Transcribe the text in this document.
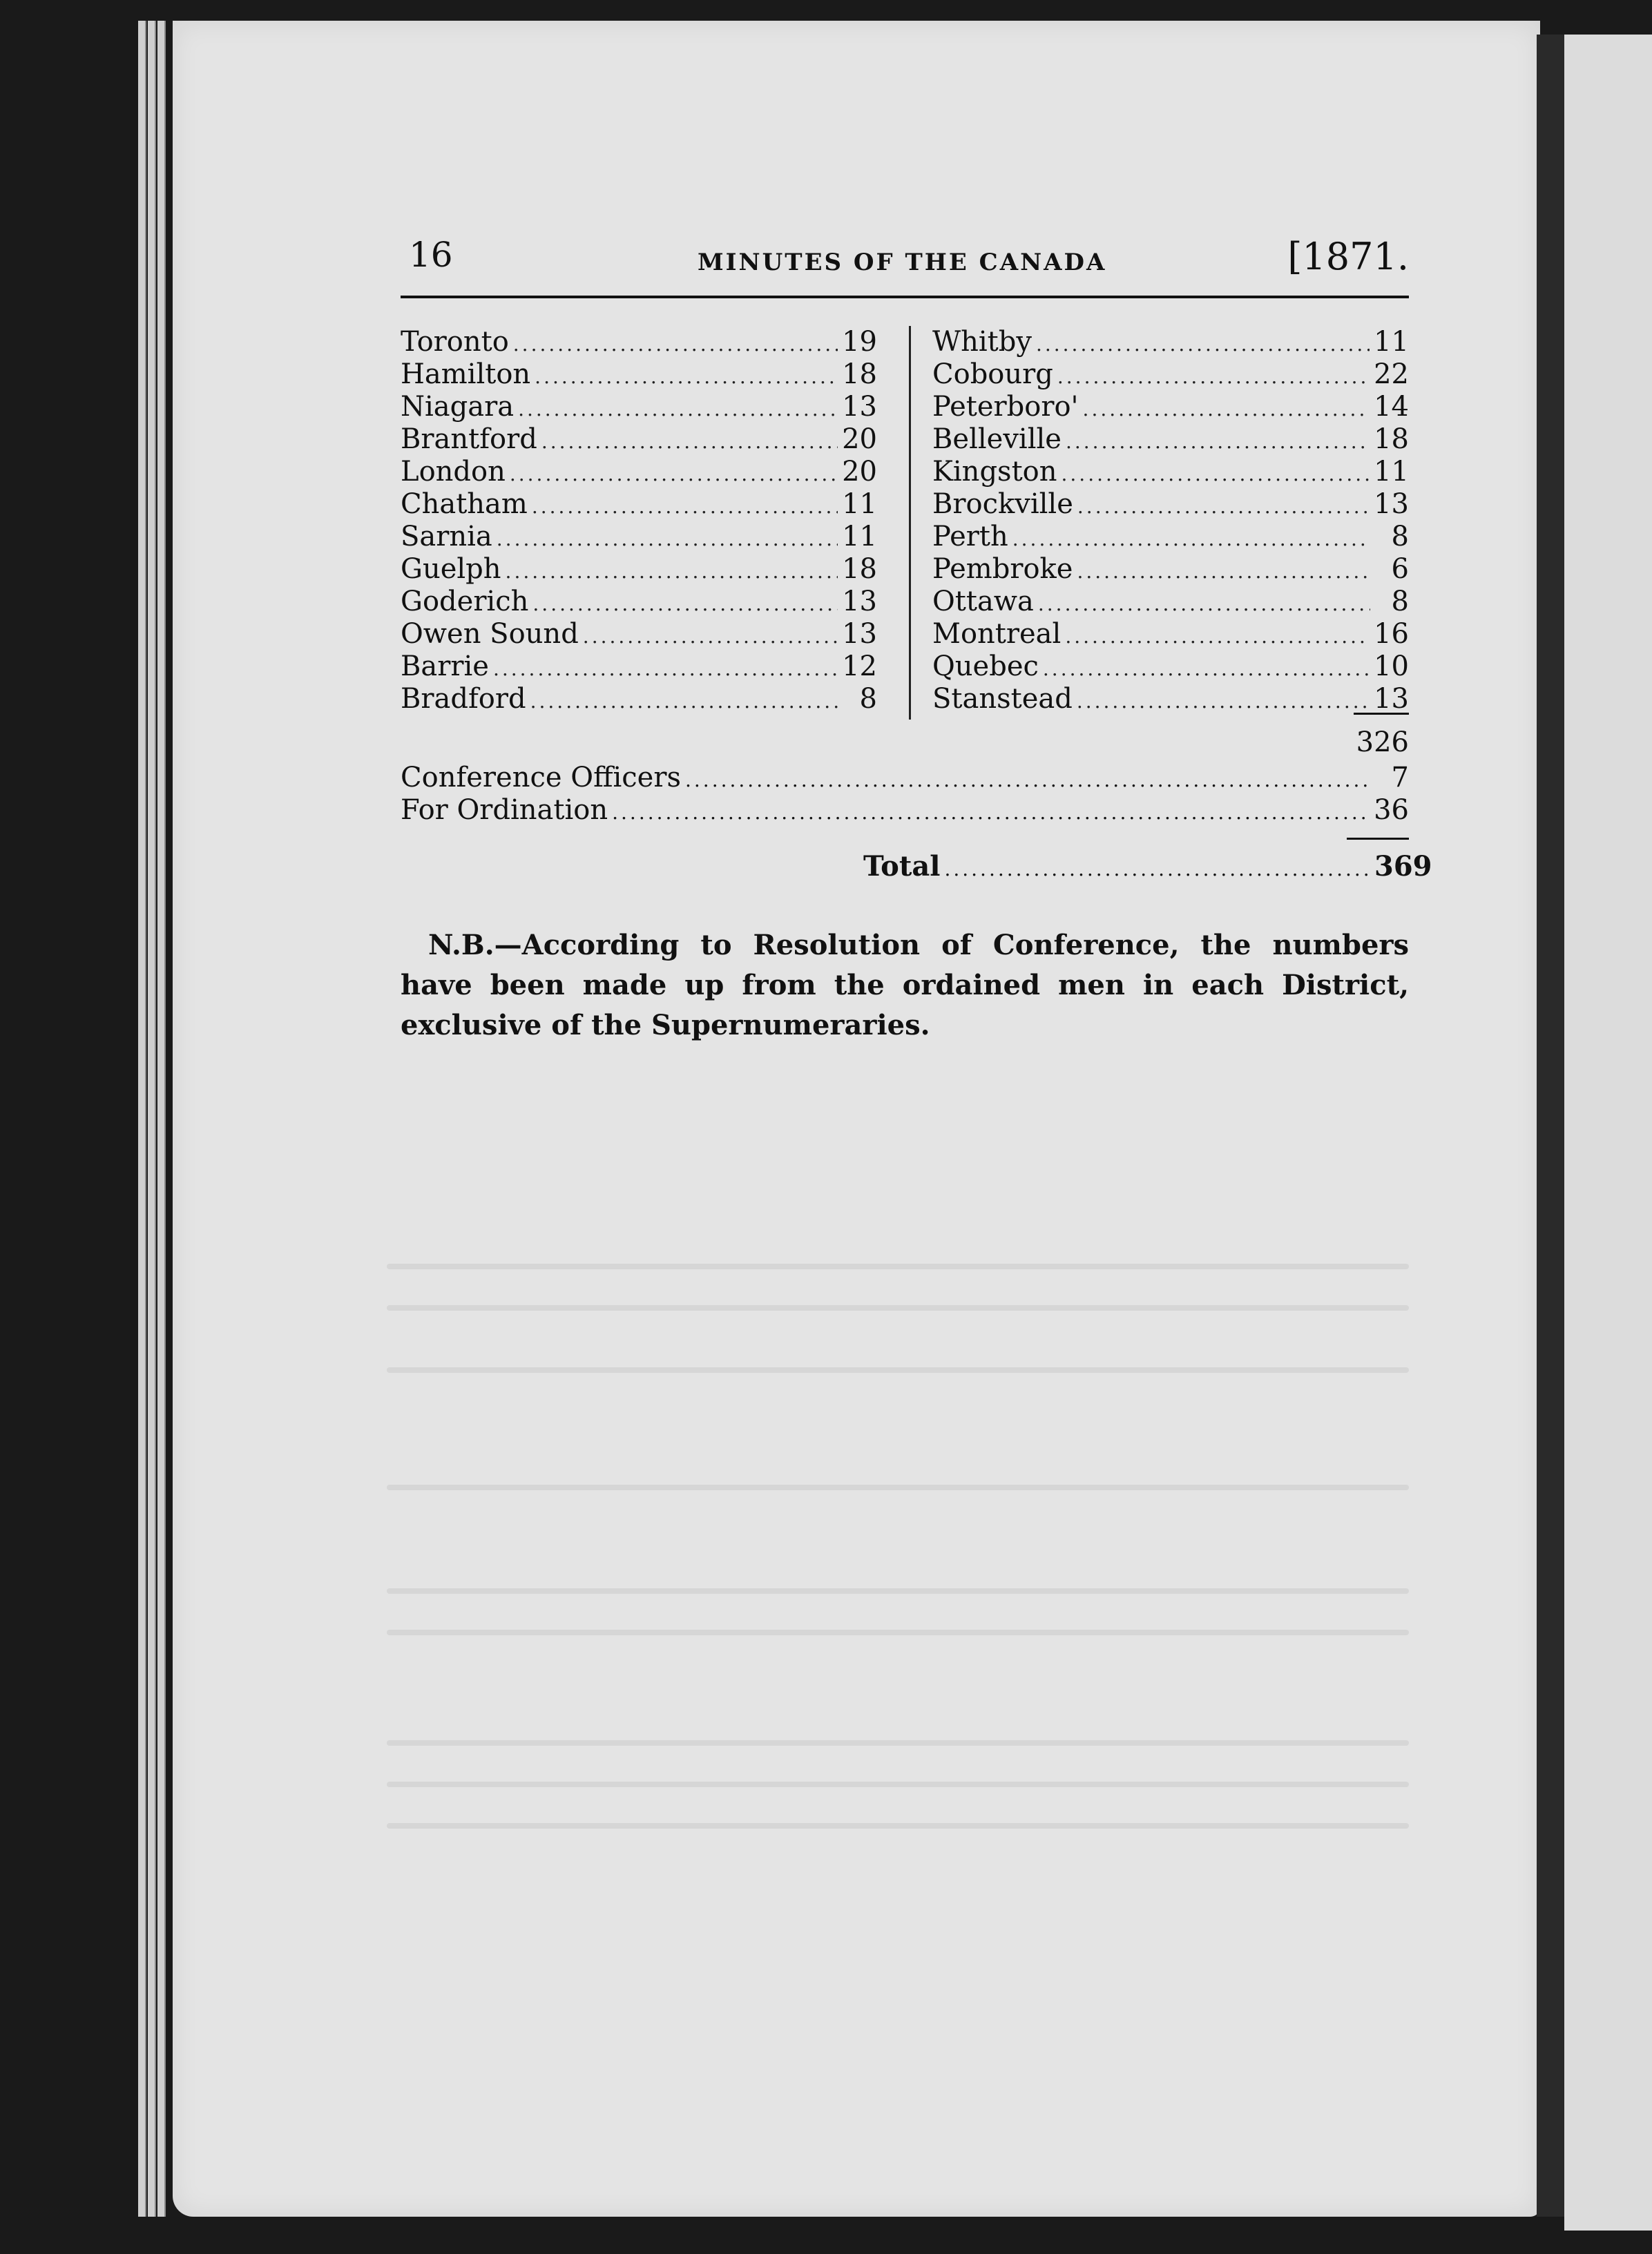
16	MINUTES OF THE CANADA	[1871.
Toronto .....	19
Hamilton .....	18
Niagara .....	13
Brantford .....	20
London .....	20
Chatham .....	11
Sarnia .....	11
Guelph .....	18
Goderich .....	13
Owen Sound .....	13
Barrie .....	12
Bradford .....	8
Whitby .....	11
Cobourg .....	22
Peterboro' .....	14
Belleville .....	18
Kingston .....	11
Brockville .....	13
Perth .....	8
Pembroke .....	6
Ottawa .....	8
Montreal .....	16
Quebec .....	10
Stanstead .....	13
326
Conference Officers .....	7
For Ordination .....	36
Total .....	369

N.B.—According to Resolution of Conference, the numbers have been made up from the ordained men in each District, exclusive of the Supernumeraries.
